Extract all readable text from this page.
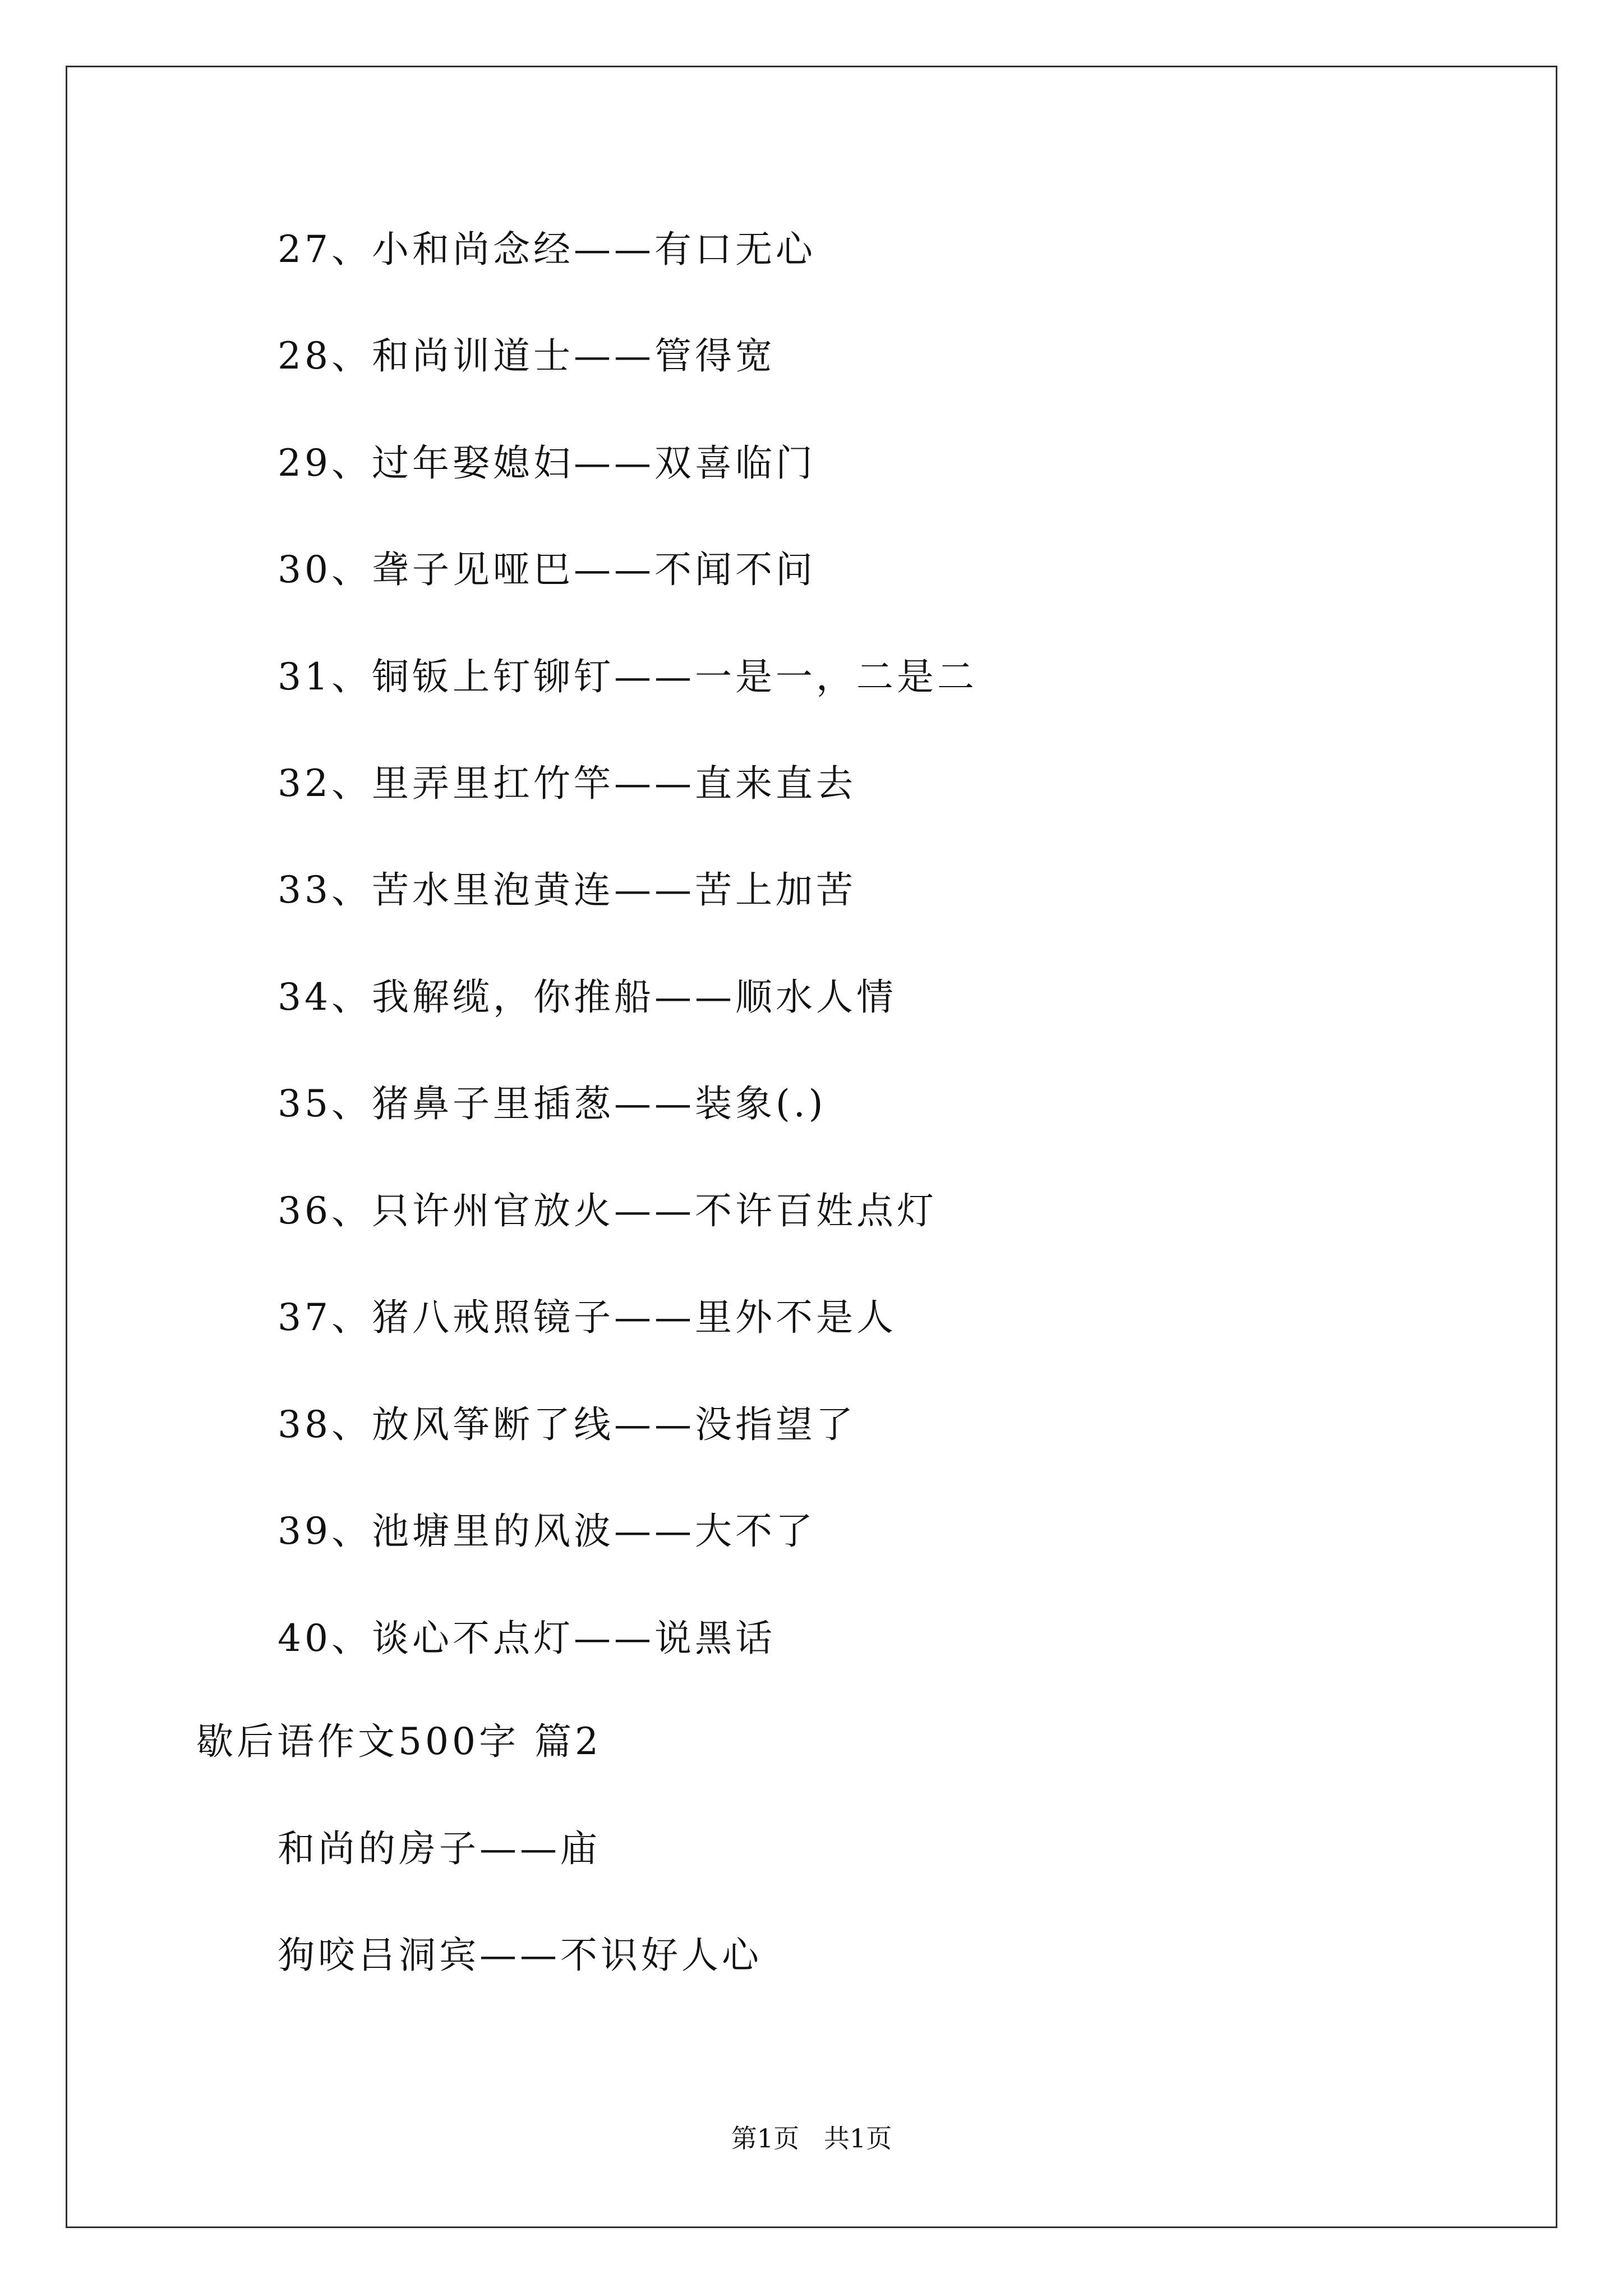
27、小和尚念经——有口无心
28、和尚训道士——管得宽
29、过年娶媳妇——双喜临门
30、聋子见哑巴——不闻不问
31、铜钣上钉铆钉——一是一，二是二
32、里弄里扛竹竿——直来直去
33、苦水里泡黄连——苦上加苦
34、我解缆，你推船——顺水人情
35、猪鼻子里插葱——装象(.)
36、只许州官放火——不许百姓点灯
37、猪八戒照镜子——里外不是人
38、放风筝断了线——没指望了
39、池塘里的风波——大不了
40、谈心不点灯——说黑话
歇后语作文500字 篇2
和尚的房子——庙
狗咬吕洞宾——不识好人心
第1页   共1页
